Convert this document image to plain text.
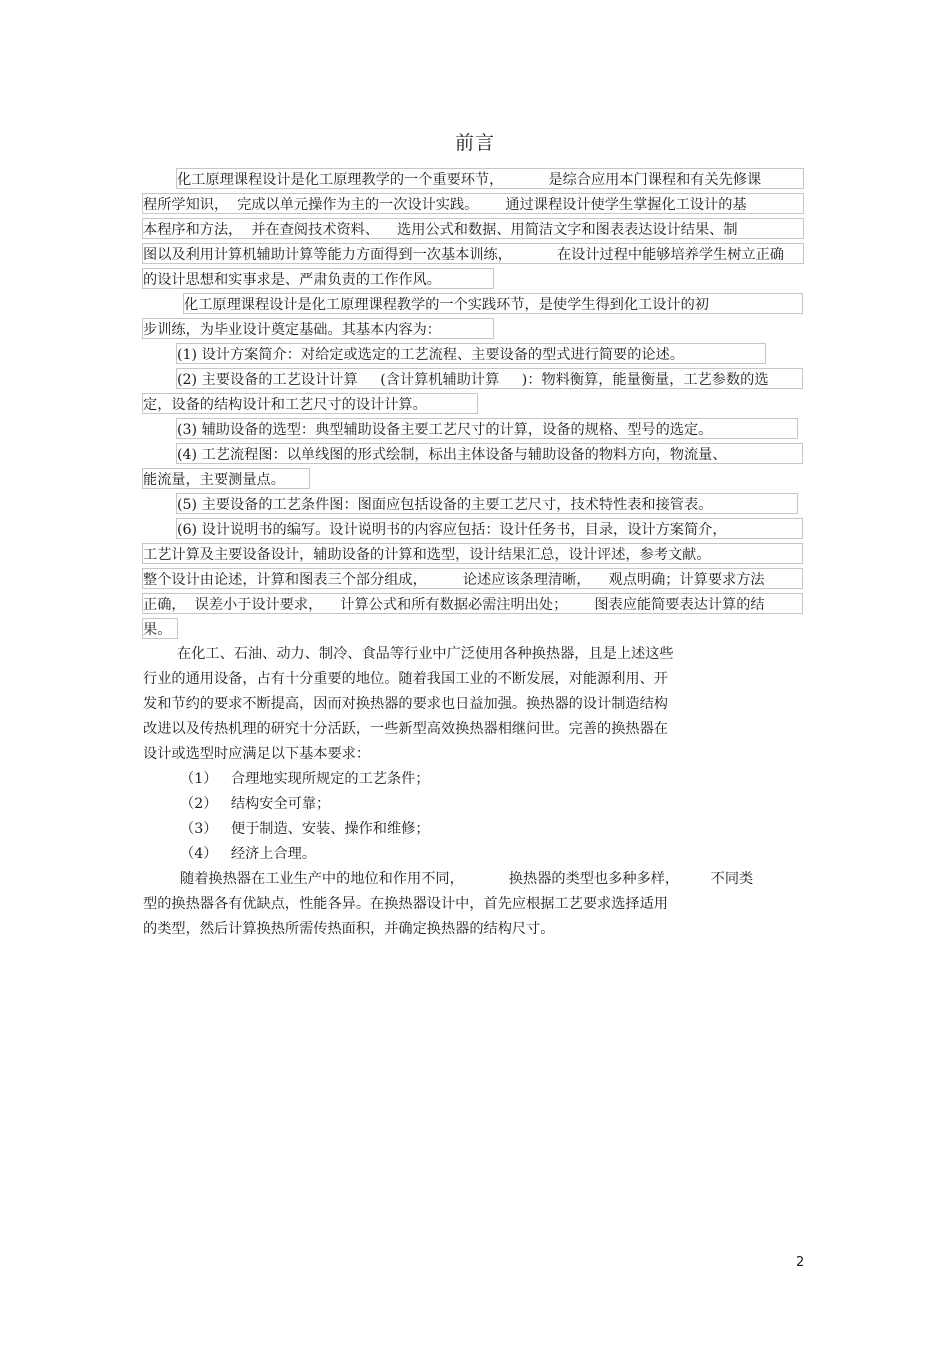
前言
化工原理课程设计是化工原理教学的一个重要环节，          是综合应用本门课程和有关先修课
程所学知识，  完成以单元操作为主的一次设计实践。      通过课程设计使学生掌握化工设计的基
本程序和方法，  并在查阅技术资料、    选用公式和数据、用简洁文字和图表表达设计结果、制
图以及利用计算机辅助计算等能力方面得到一次基本训练，          在设计过程中能够培养学生树立正确
的设计思想和实事求是、严肃负责的工作作风。
化工原理课程设计是化工原理课程教学的一个实践环节，是使学生得到化工设计的初
步训练，为毕业设计奠定基础。其基本内容为：
(1) 设计方案简介：对给定或选定的工艺流程、主要设备的型式进行简要的论述。
(2) 主要设备的工艺设计计算     (含计算机辅助计算     )：物料衡算，能量衡量，工艺参数的选
定，设备的结构设计和工艺尺寸的设计计算。
(3) 辅助设备的选型：典型辅助设备主要工艺尺寸的计算，设备的规格、型号的选定。
(4) 工艺流程图：以单线图的形式绘制，标出主体设备与辅助设备的物料方向，物流量、
能流量，主要测量点。
(5) 主要设备的工艺条件图：图面应包括设备的主要工艺尺寸，技术特性表和接管表。
(6) 设计说明书的编写。设计说明书的内容应包括：设计任务书，目录，设计方案简介，
工艺计算及主要设备设计，辅助设备的计算和选型，设计结果汇总，设计评述，参考文献。
整个设计由论述，计算和图表三个部分组成，        论述应该条理清晰，    观点明确；计算要求方法
正确，  误差小于设计要求，    计算公式和所有数据必需注明出处；      图表应能简要表达计算的结
果。
在化工、石油、动力、制冷、食品等行业中广泛使用各种换热器，且是上述这些
行业的通用设备，占有十分重要的地位。随着我国工业的不断发展，对能源利用、开
发和节约的要求不断提高，因而对换热器的要求也日益加强。换热器的设计制造结构
改进以及传热机理的研究十分活跃，一些新型高效换热器相继问世。完善的换热器在
设计或选型时应满足以下基本要求：
（1）   合理地实现所规定的工艺条件；
（2）   结构安全可靠；
（3）   便于制造、安装、操作和维修；
（4）   经济上合理。
随着换热器在工业生产中的地位和作用不同，          换热器的类型也多种多样，       不同类
型的换热器各有优缺点，性能各异。在换热器设计中，首先应根据工艺要求选择适用
的类型，然后计算换热所需传热面积，并确定换热器的结构尺寸。
2
